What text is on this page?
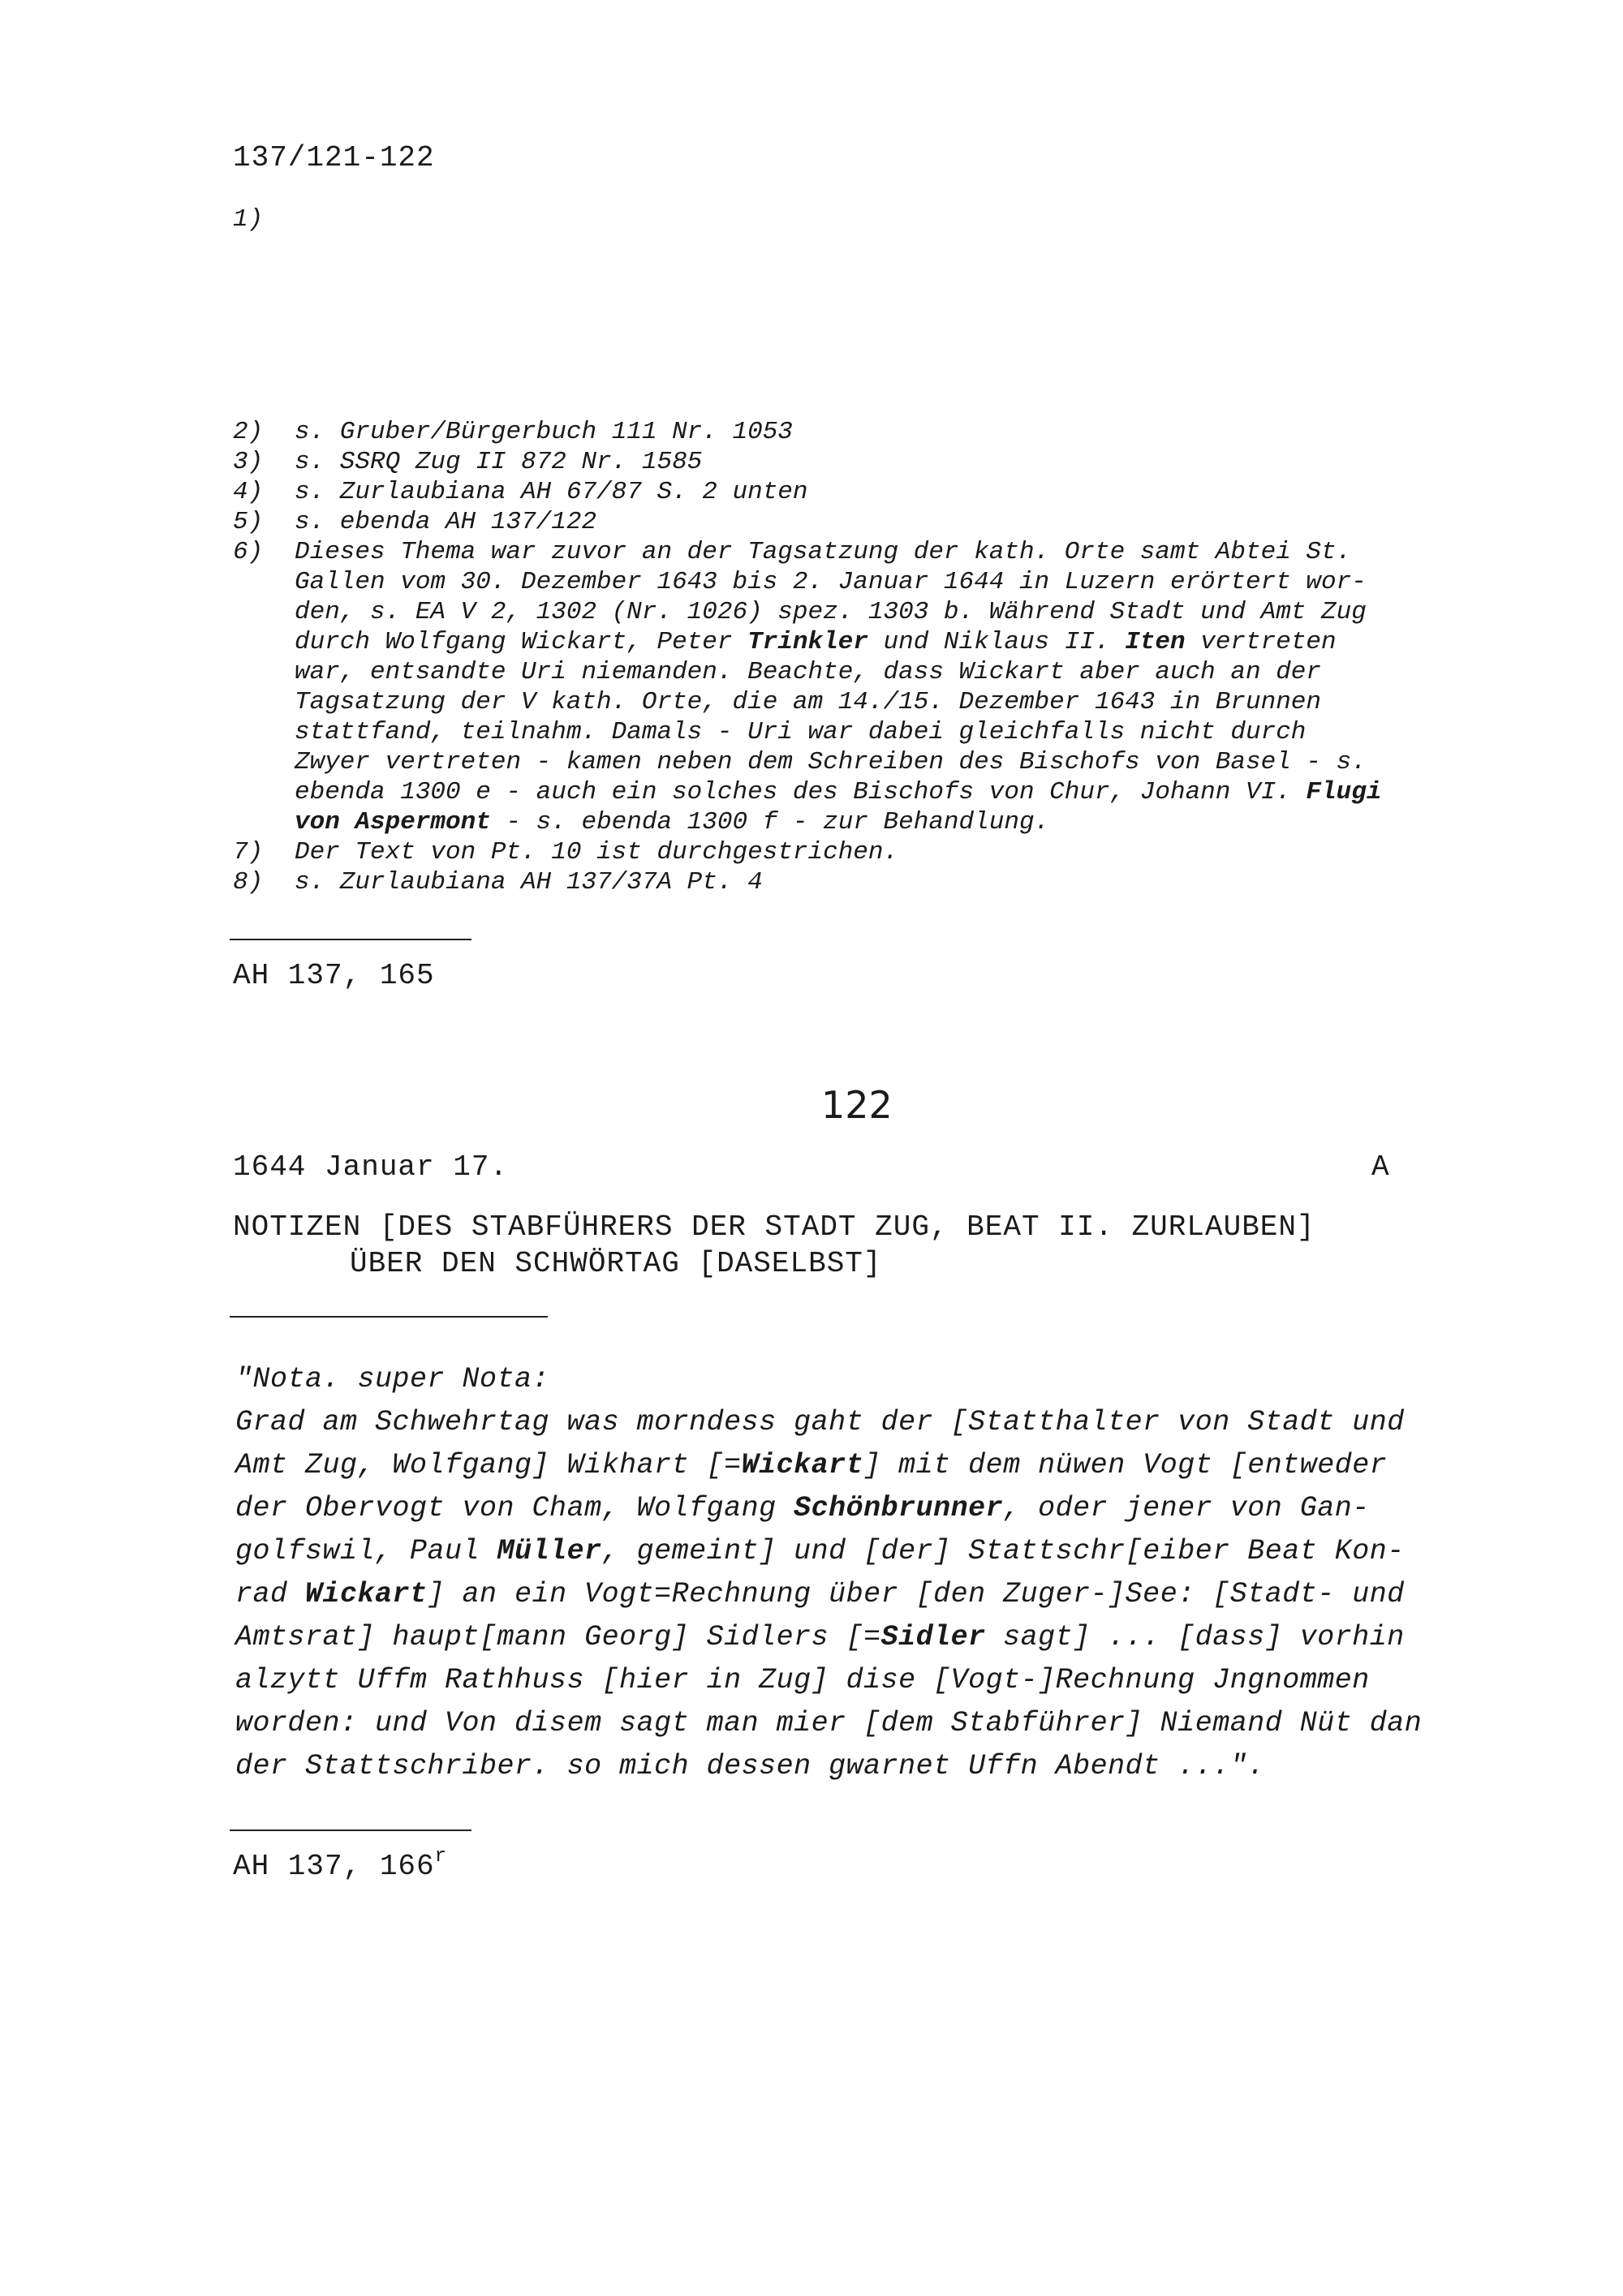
137/121-122
1)
2) s. Gruber/Bürgerbuch 111 Nr. 1053
3) s. SSRQ Zug II 872 Nr. 1585
4) s. Zurlaubiana AH 67/87 S. 2 unten
5) s. ebenda AH 137/122
6) Dieses Thema war zuvor an der Tagsatzung der kath. Orte samt Abtei St.
Gallen vom 30. Dezember 1643 bis 2. Januar 1644 in Luzern erörtert wor-
den, s. EA V 2, 1302 (Nr. 1026) spez. 1303 b. Während Stadt und Amt Zug
durch Wolfgang Wickart, Peter Trinkler und Niklaus II. Iten vertreten
war, entsandte Uri niemanden. Beachte, dass Wickart aber auch an der
Tagsatzung der V kath. Orte, die am 14./15. Dezember 1643 in Brunnen
stattfand, teilnahm. Damals - Uri war dabei gleichfalls nicht durch
Zwyer vertreten - kamen neben dem Schreiben des Bischofs von Basel - s.
ebenda 1300 e - auch ein solches des Bischofs von Chur, Johann VI. Flugi
von Aspermont - s. ebenda 1300 f - zur Behandlung.
7) Der Text von Pt. 10 ist durchgestrichen.
8) s. Zurlaubiana AH 137/37A Pt. 4
AH 137, 165
122
1644 Januar 17.	A
NOTIZEN [DES STABFÜHRERS DER STADT ZUG, BEAT II. ZURLAUBEN]
ÜBER DEN SCHWÖRTAG [DASELBST]
"Nota. super Nota:
Grad am Schwehrtag was morndess gaht der [Statthalter von Stadt und
Amt Zug, Wolfgang] Wikhart [=Wickart] mit dem nüwen Vogt [entweder
der Obervogt von Cham, Wolfgang Schönbrunner, oder jener von Gan-
golfswil, Paul Müller, gemeint] und [der] Stattschr[eiber Beat Kon-
rad Wickart] an ein Vogt=Rechnung über [den Zuger-]See: [Stadt- und
Amtsrat] haupt[mann Georg] Sidlers [=Sidler sagt] ... [dass] vorhin
alzytt Uffm Rathhuss [hier in Zug] dise [Vogt-]Rechnung Jngnommen
worden: und Von disem sagt man mier [dem Stabführer] Niemand Nüt dan
der Stattschriber. so mich dessen gwarnet Uffn Abendt ...".
AH 137, 166$^r$
